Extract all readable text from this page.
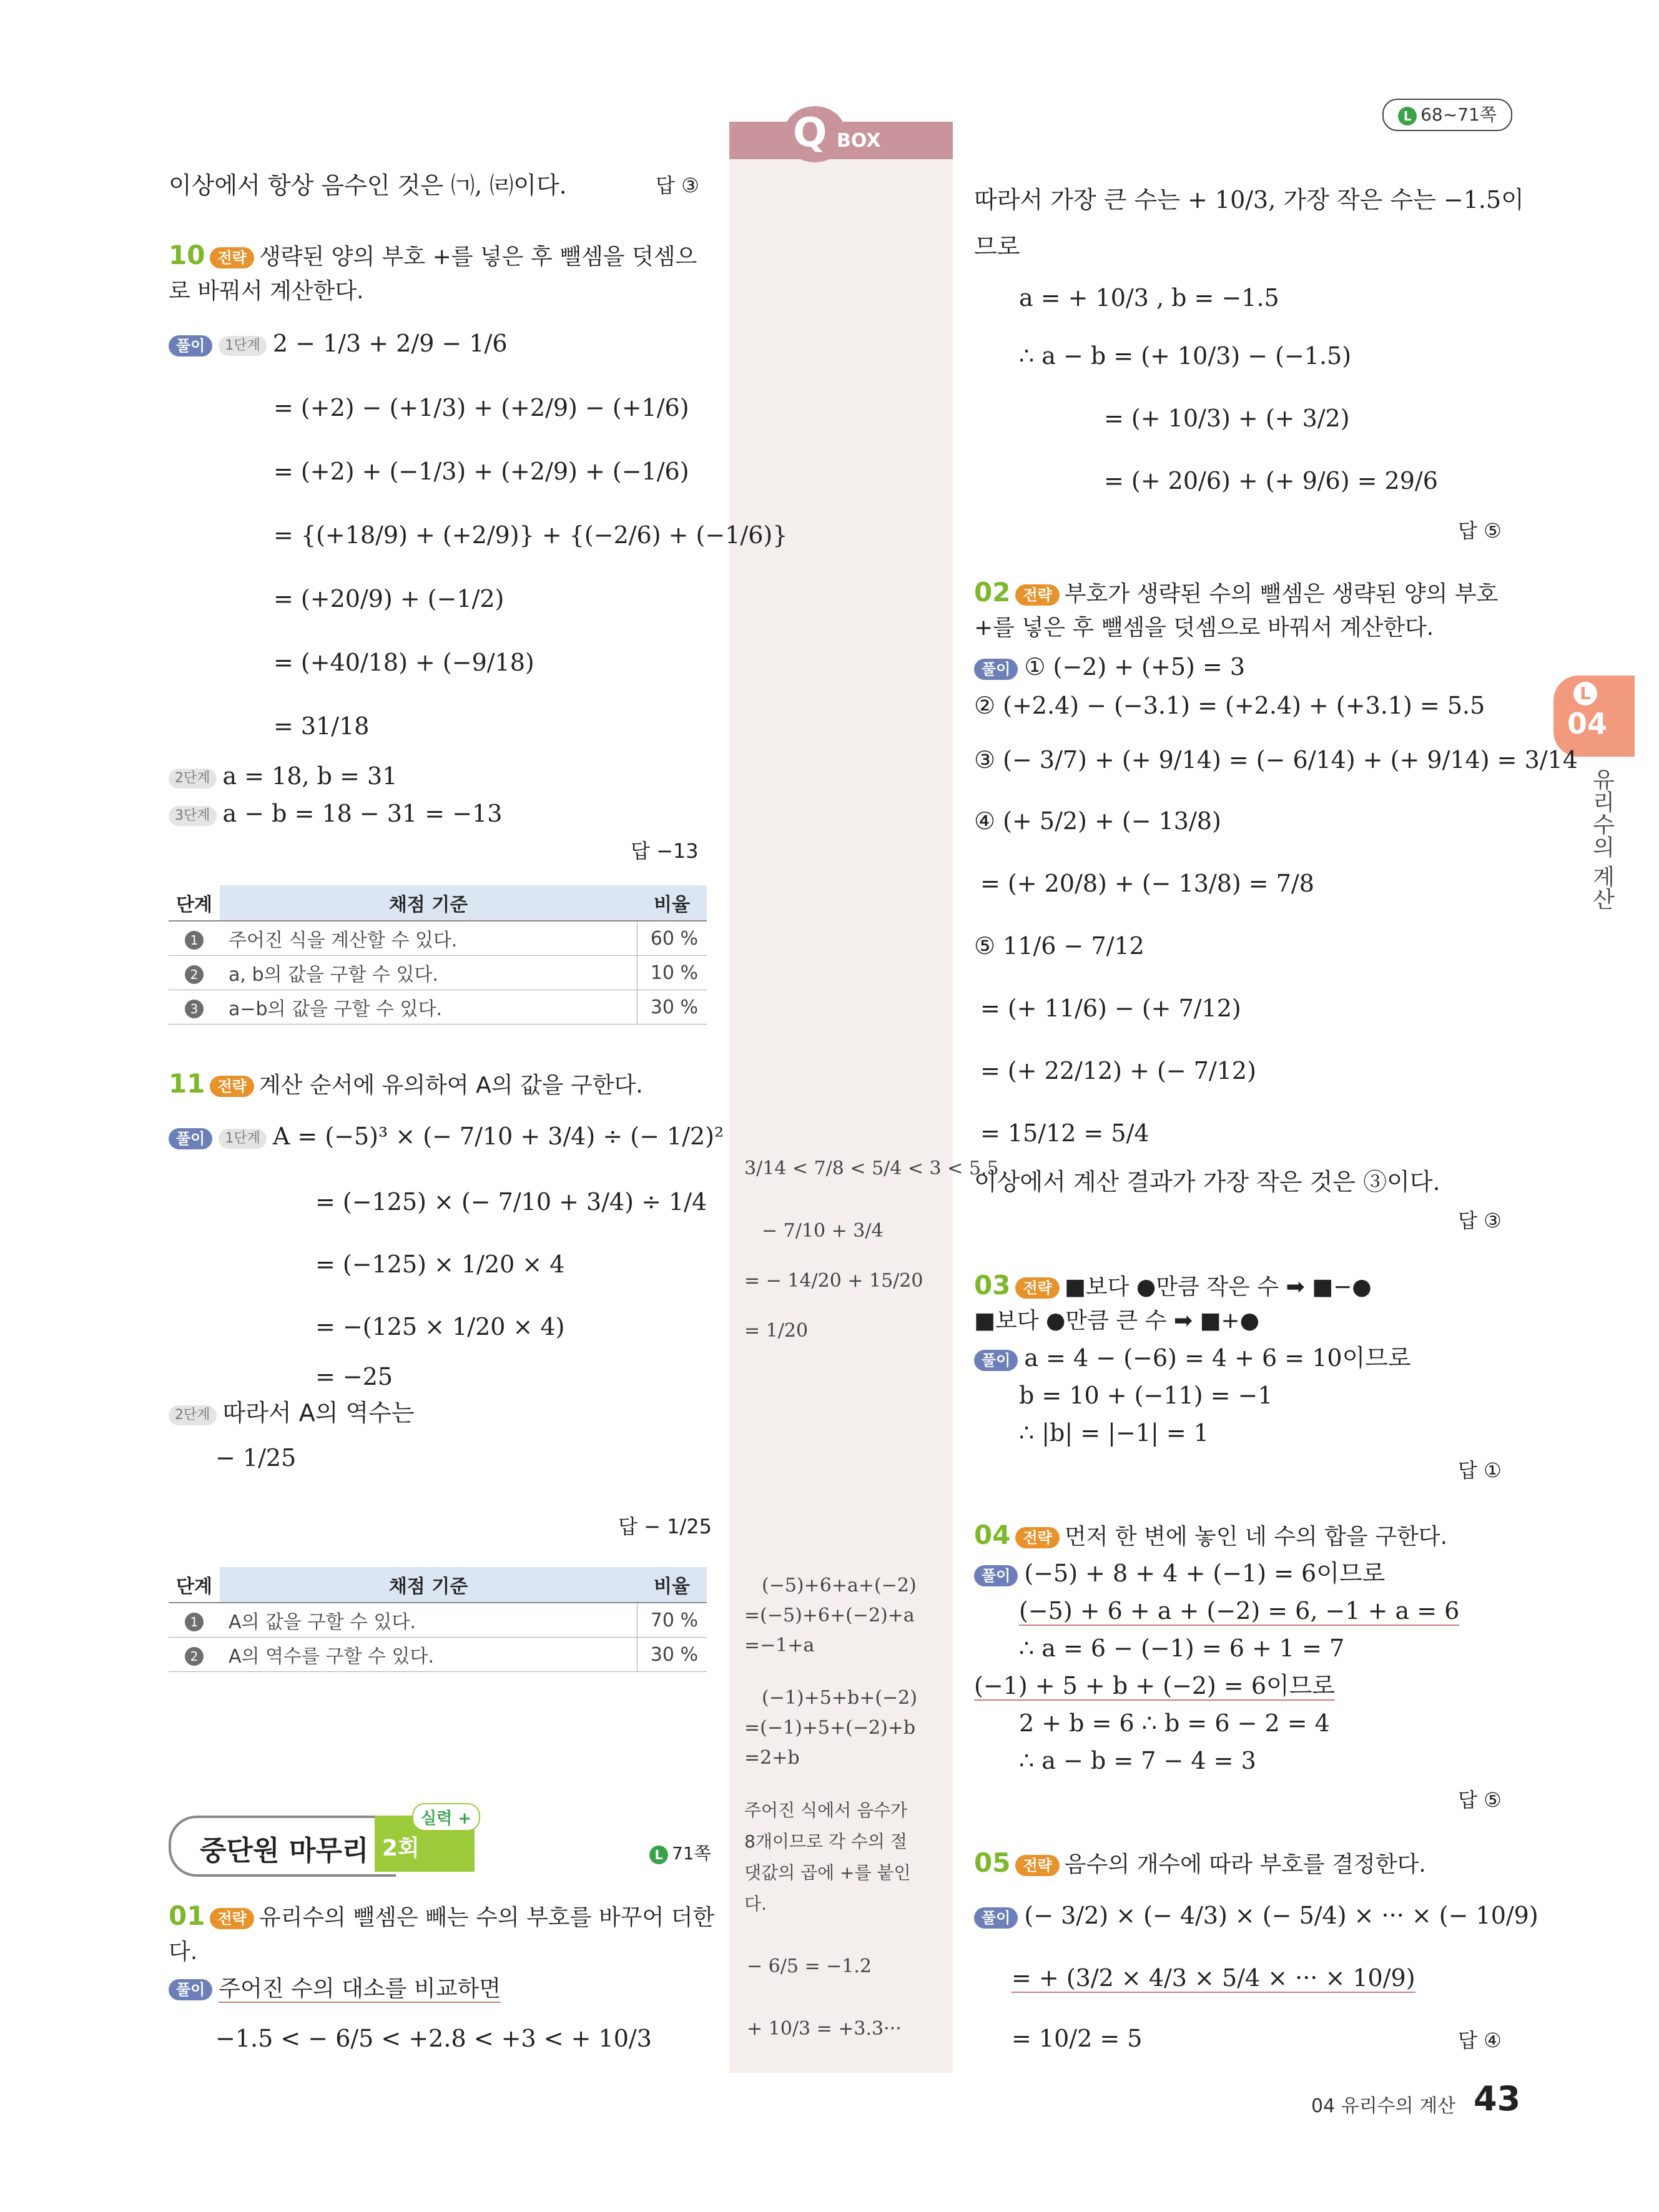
L 68~71쪽
Q BOX
L
04
유리수의 계산
이상에서 항상 음수인 것은 ㈀, ㈃이다.	답 ③
10 전략 생략된 양의 부호 +를 넣은 후 뺄셈을 덧셈으
로 바꿔서 계산한다.
풀이 1단계 2 − 1/3 + 2/9 − 1/6
= (+2) − (+1/3) + (+2/9) − (+1/6)
= (+2) + (−1/3) + (+2/9) + (−1/6)
= {(+18/9) + (+2/9)} + {(−2/6) + (−1/6)}
= (+20/9) + (−1/2)
= (+40/18) + (−9/18)
= 31/18
2단계 a = 18, b = 31
3단계 a − b = 18 − 31 = −13
답 −13
단계	채점 기준	비율
1	주어진 식을 계산할 수 있다.	60 %
2	a, b의 값을 구할 수 있다.	10 %
3	a−b의 값을 구할 수 있다.	30 %
11 전략 계산 순서에 유의하여 A의 값을 구한다.
풀이 1단계 A = (−5)³ × (− 7/10 + 3/4) ÷ (− 1/2)²
= (−125) × (− 7/10 + 3/4) ÷ 1/4
= (−125) × 1/20 × 4
= −(125 × 1/20 × 4)
= −25
2단계 따라서 A의 역수는
− 1/25
답 − 1/25
단계	채점 기준	비율
1	A의 값을 구할 수 있다.	70 %
2	A의 역수를 구할 수 있다.	30 %
중단원 마무리 2회
실력 +
L 71쪽
01 전략 유리수의 뺄셈은 빼는 수의 부호를 바꾸어 더한
다.
풀이 주어진 수의 대소를 비교하면
−1.5 < − 6/5 < +2.8 < +3 < + 10/3
3/14 < 7/8 < 5/4 < 3 < 5.5
− 7/10 + 3/4
= − 14/20 + 15/20
= 1/20
(−5)+6+a+(−2)
=(−5)+6+(−2)+a
=−1+a
(−1)+5+b+(−2)
=(−1)+5+(−2)+b
=2+b
주어진 식에서 음수가
8개이므로 각 수의 절
댓값의 곱에 +를 붙인
다.
− 6/5 = −1.2
+ 10/3 = +3.3···
따라서 가장 큰 수는 + 10/3, 가장 작은 수는 −1.5이
므로
a = + 10/3 , b = −1.5
∴ a − b = (+ 10/3) − (−1.5)
= (+ 10/3) + (+ 3/2)
= (+ 20/6) + (+ 9/6) = 29/6
답 ⑤
02 전략 부호가 생략된 수의 뺄셈은 생략된 양의 부호
+를 넣은 후 뺄셈을 덧셈으로 바꿔서 계산한다.
풀이 ① (−2) + (+5) = 3
② (+2.4) − (−3.1) = (+2.4) + (+3.1) = 5.5
③ (− 3/7) + (+ 9/14) = (− 6/14) + (+ 9/14) = 3/14
④ (+ 5/2) + (− 13/8)
= (+ 20/8) + (− 13/8) = 7/8
⑤ 11/6 − 7/12
= (+ 11/6) − (+ 7/12)
= (+ 22/12) + (− 7/12)
= 15/12 = 5/4
이상에서 계산 결과가 가장 작은 것은 ③이다.
답 ③
03 전략 ■보다 ●만큼 작은 수 ➡ ■−●
■보다 ●만큼 큰 수 ➡ ■+●
풀이 a = 4 − (−6) = 4 + 6 = 10이므로
b = 10 + (−11) = −1
∴ |b| = |−1| = 1
답 ①
04 전략 먼저 한 변에 놓인 네 수의 합을 구한다.
풀이 (−5) + 8 + 4 + (−1) = 6이므로
(−5) + 6 + a + (−2) = 6, −1 + a = 6
∴ a = 6 − (−1) = 6 + 1 = 7
(−1) + 5 + b + (−2) = 6이므로
2 + b = 6 ∴ b = 6 − 2 = 4
∴ a − b = 7 − 4 = 3
답 ⑤
05 전략 음수의 개수에 따라 부호를 결정한다.
풀이 (− 3/2) × (− 4/3) × (− 5/4) × ··· × (− 10/9)
= + (3/2 × 4/3 × 5/4 × ··· × 10/9)
= 10/2 = 5	답 ④
04 유리수의 계산 43
